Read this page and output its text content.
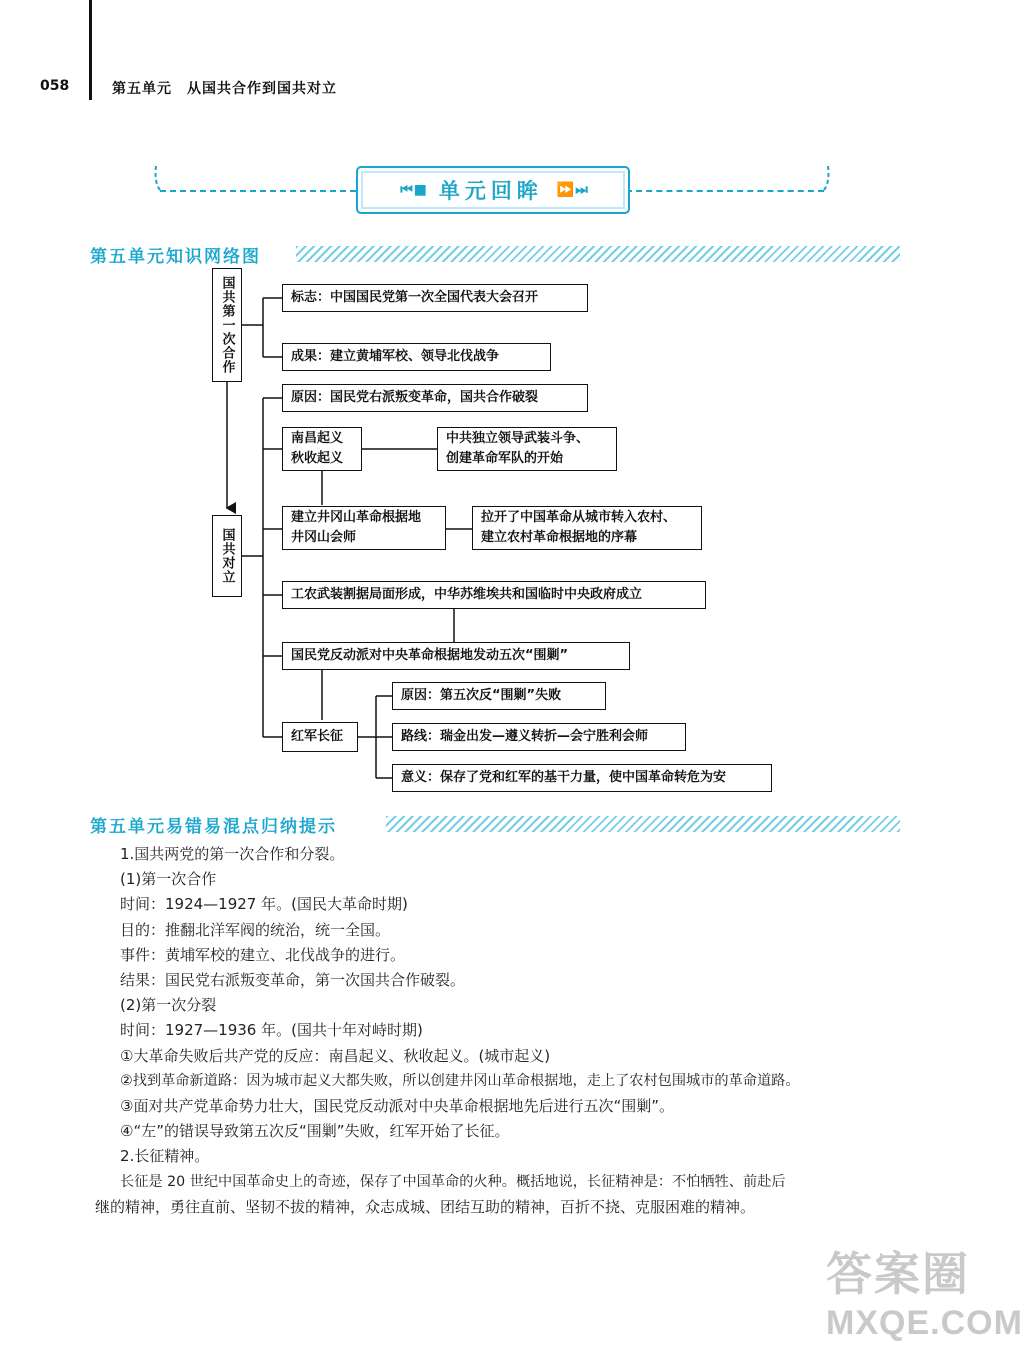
058	第五单元　从国共合作到国共对立
⏮ ■ 单元回眸 ⏩ ⏭
第五单元知识网络图
国共第一次合作
国共对立
标志：中国国民党第一次全国代表大会召开
成果：建立黄埔军校、领导北伐战争
原因：国民党右派叛变革命，国共合作破裂
南昌起义
秋收起义
中共独立领导武装斗争、
创建革命军队的开始
建立井冈山革命根据地
井冈山会师
拉开了中国革命从城市转入农村、
建立农村革命根据地的序幕
工农武装割据局面形成，中华苏维埃共和国临时中央政府成立
国民党反动派对中央革命根据地发动五次“围剿”
红军长征
原因：第五次反“围剿”失败
路线：瑞金出发—遵义转折—会宁胜利会师
意义：保存了党和红军的基干力量，使中国革命转危为安
第五单元易错易混点归纳提示

1.国共两党的第一次合作和分裂。

(1)第一次合作

时间：1924—1927 年。(国民大革命时期)

目的：推翻北洋军阀的统治，统一全国。

事件：黄埔军校的建立、北伐战争的进行。

结果：国民党右派叛变革命，第一次国共合作破裂。

(2)第一次分裂

时间：1927—1936 年。(国共十年对峙时期)

①大革命失败后共产党的反应：南昌起义、秋收起义。(城市起义)

②找到革命新道路：因为城市起义大都失败，所以创建井冈山革命根据地，走上了农村包围城市的革命道路。

③面对共产党革命势力壮大，国民党反动派对中央革命根据地先后进行五次“围剿”。

④“左”的错误导致第五次反“围剿”失败，红军开始了长征。

2.长征精神。

长征是 20 世纪中国革命史上的奇迹，保存了中国革命的火种。概括地说，长征精神是：不怕牺牲、前赴后

继的精神，勇往直前、坚韧不拔的精神，众志成城、团结互助的精神，百折不挠、克服困难的精神。

答案圈
MXQE.COM
